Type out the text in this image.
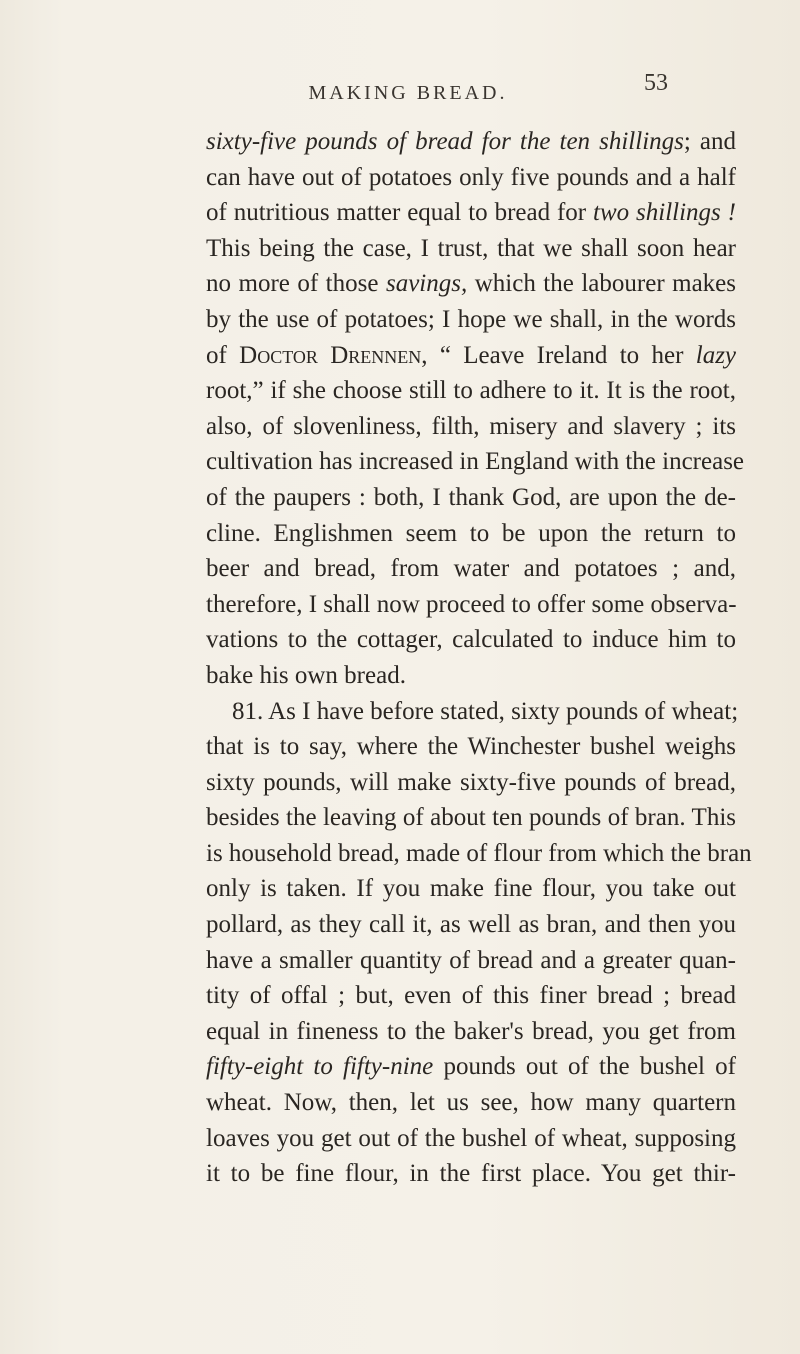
MAKING BREAD.	53
sixty-five pounds of bread for the ten shillings; and
can have out of potatoes only five pounds and a half
of nutritious matter equal to bread for two shillings !
This being the case, I trust, that we shall soon hear
no more of those savings, which the labourer makes
by the use of potatoes; I hope we shall, in the words
of Doctor Drennen, “ Leave Ireland to her lazy
root,” if she choose still to adhere to it. It is the root,
also, of slovenliness, filth, misery and slavery ; its
cultivation has increased in England with the increase
of the paupers : both, I thank God, are upon the de-
cline. Englishmen seem to be upon the return to
beer and bread, from water and potatoes ; and,
therefore, I shall now proceed to offer some observa-
vations to the cottager, calculated to induce him to
bake his own bread.
81. As I have before stated, sixty pounds of wheat;
that is to say, where the Winchester bushel weighs
sixty pounds, will make sixty-five pounds of bread,
besides the leaving of about ten pounds of bran. This
is household bread, made of flour from which the bran
only is taken. If you make fine flour, you take out
pollard, as they call it, as well as bran, and then you
have a smaller quantity of bread and a greater quan-
tity of offal ; but, even of this finer bread ; bread
equal in fineness to the baker's bread, you get from
fifty-eight to fifty-nine pounds out of the bushel of
wheat. Now, then, let us see, how many quartern
loaves you get out of the bushel of wheat, supposing
it to be fine flour, in the first place. You get thir-
